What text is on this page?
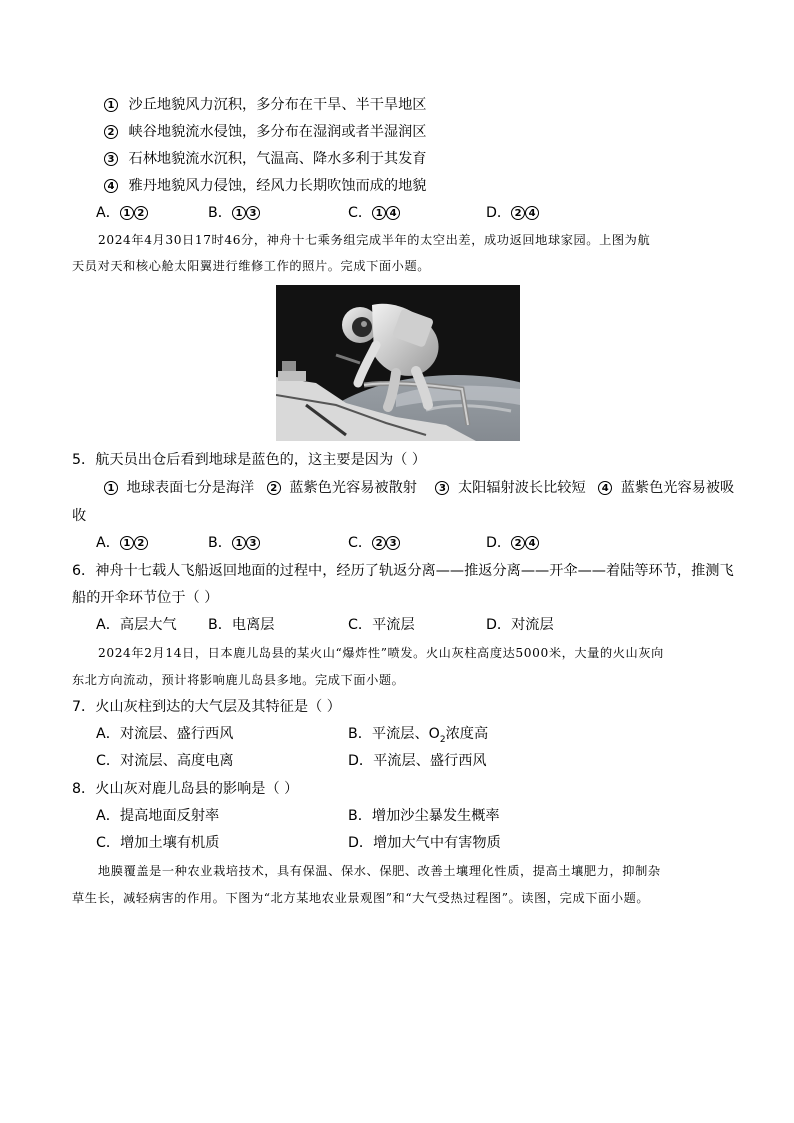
1 沙丘地貌风力沉积，多分布在干旱、半干旱地区
2 峡谷地貌流水侵蚀，多分布在湿润或者半湿润区
3 石林地貌流水沉积，气温高、降水多利于其发育
4 雅丹地貌风力侵蚀，经风力长期吹蚀而成的地貌
A． 1 2	B． 1 3	C． 1 4	D． 2 4
2024年4月30日17时46分，神舟十七乘务组完成半年的太空出差，成功返回地球家园。上图为航
天员对天和核心舱太阳翼进行维修工作的照片。完成下面小题。
5．航天员出仓后看到地球是蓝色的，这主要是因为（ ）
1 地球表面七分是海洋 2 蓝紫色光容易被散射 3 太阳辐射波长比较短 4 蓝紫色光容易被吸
收
A． 1 2	B． 1 3	C． 2 3	D． 2 4
6．神舟十七载人飞船返回地面的过程中，经历了轨返分离——推返分离——开伞——着陆等环节，推测飞
船的开伞环节位于（ ）
A．高层大气 B．电离层	C．平流层	D．对流层
2024年2月14日，日本鹿儿岛县的某火山“爆炸性”喷发。火山灰柱高度达5000米，大量的火山灰向
东北方向流动，预计将影响鹿儿岛县多地。完成下面小题。
7．火山灰柱到达的大气层及其特征是（ ）
A．对流层、盛行西风	B．平流层、$O_2$浓度高
C．对流层、高度电离	D．平流层、盛行西风
8．火山灰对鹿儿岛县的影响是（ ）
A．提高地面反射率	B．增加沙尘暴发生概率
C．增加土壤有机质	D．增加大气中有害物质
地膜覆盖是一种农业栽培技术，具有保温、保水、保肥、改善土壤理化性质，提高土壤肥力，抑制杂
草生长，减轻病害的作用。下图为“北方某地农业景观图”和“大气受热过程图”。读图，完成下面小题。
